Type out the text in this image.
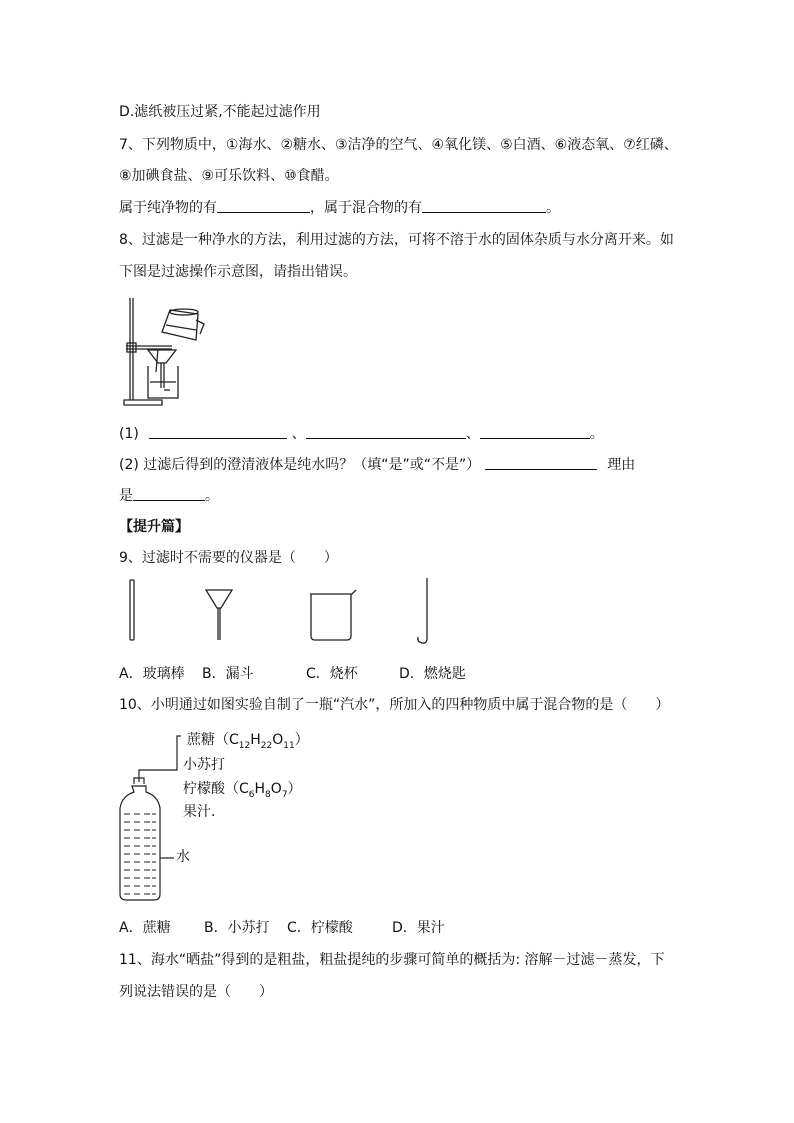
D.滤纸被压过紧,不能起过滤作用
7、下列物质中，①海水、②糖水、③洁净的空气、④氧化镁、⑤白酒、⑥液态氧、⑦红磷、
⑧加碘食盐、⑨可乐饮料、⑩食醋。
属于纯净物的有	，属于混合物的有	。
8、过滤是一种净水的方法，利用过滤的方法，可将不溶于水的固体杂质与水分离开来。如
下图是过滤操作示意图，请指出错误。
(1)	、	、	。
(2) 过滤后得到的澄清液体是纯水吗？（填“是”或“不是”）	理由
是	。
【提升篇】
9、过滤时不需要的仪器是（　　）
A．玻璃棒 B．漏斗	C．烧杯	D．燃烧匙
10、小明通过如图实验自制了一瓶“汽水”，所加入的四种物质中属于混合物的是（　　）
蔗糖$(C_{12}H_{22}O_{11})$
小苏打
柠檬酸$(C_6H_8O_7)$
果汁．
水
A．蔗糖 B．小苏打 C．柠檬酸	D．果汁
11、海水“晒盐”得到的是粗盐，粗盐提纯的步骤可简单的概括为: 溶解－过滤－蒸发，下
列说法错误的是（　　）
